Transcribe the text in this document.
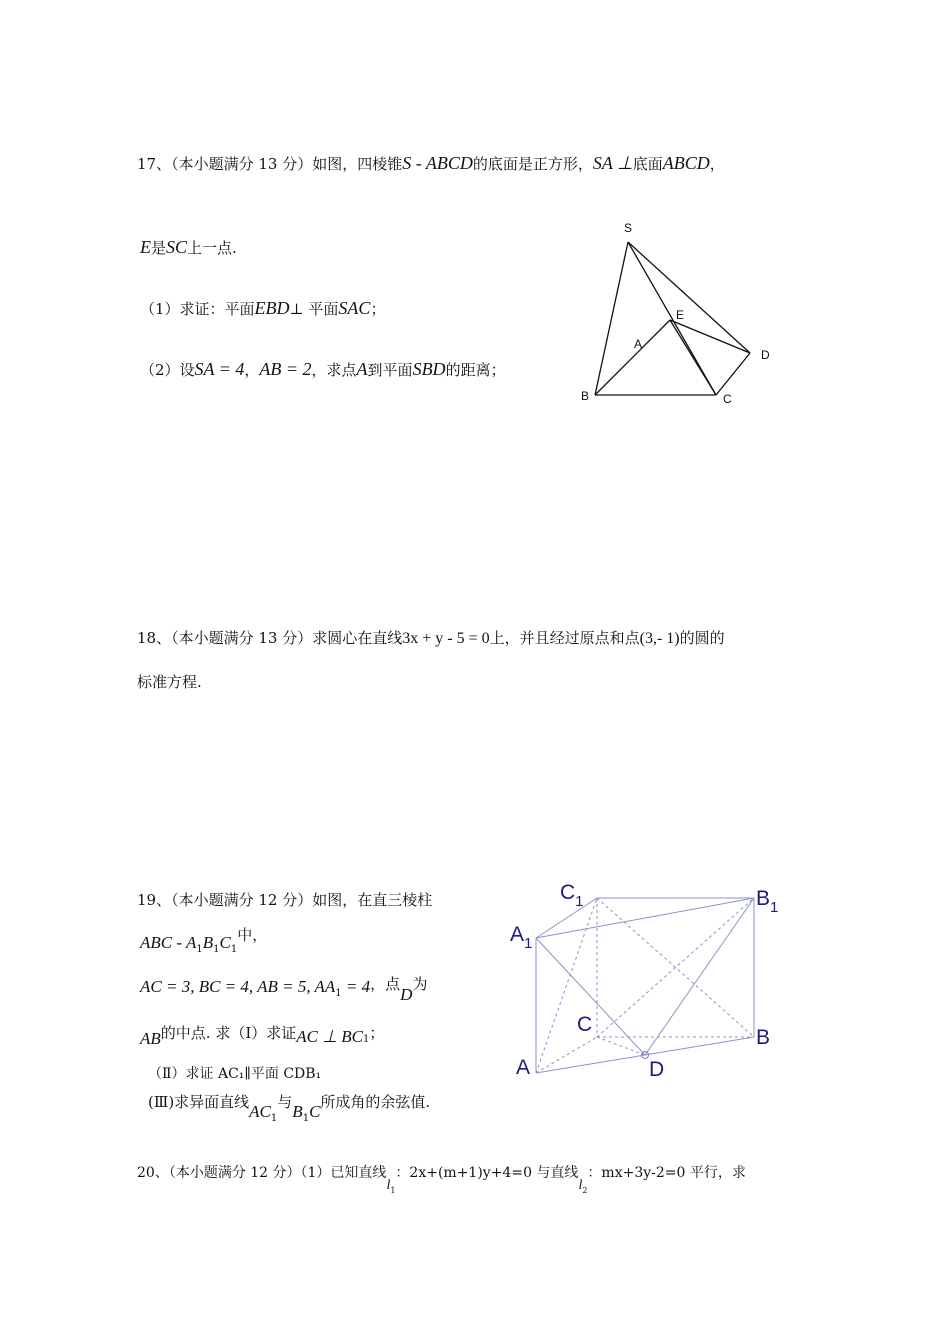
17、（本小题满分 13 分）如图，四棱锥S - ABCD的底面是正方形，SA ⊥底面ABCD，
E是SC上一点.
（1）求证：平面EBD⊥ 平面SAC；
（2）设SA = 4，AB = 2，求点A到平面SBD的距离；
S
E
A
D
B	C
18、（本小题满分 13 分）求圆心在直线3x + y - 5 = 0上，并且经过原点和点(3,- 1)的圆的
标准方程.
19、（本小题满分 12 分）如图，在直三棱柱
ABC - $A_1B_1C_1$中，
AC = 3, BC = 4, AB = 5, $AA_1 = 4$，点D为
AB的中点. 求（Ⅰ）求证AC ⊥ $BC_1$；
（Ⅱ）求证 AC₁∥平面 CDB₁
(Ⅲ)求异面直线$AC_1$与$B_1C$所成角的余弦值.
$C_1$	$B_1$
$A_1$
C
B
A	D
20、（本小题满分 12 分）（1）已知直线$l_1$：2x+(m+1)y+4=0 与直线$l_2$：mx+3y-2=0 平行，求
